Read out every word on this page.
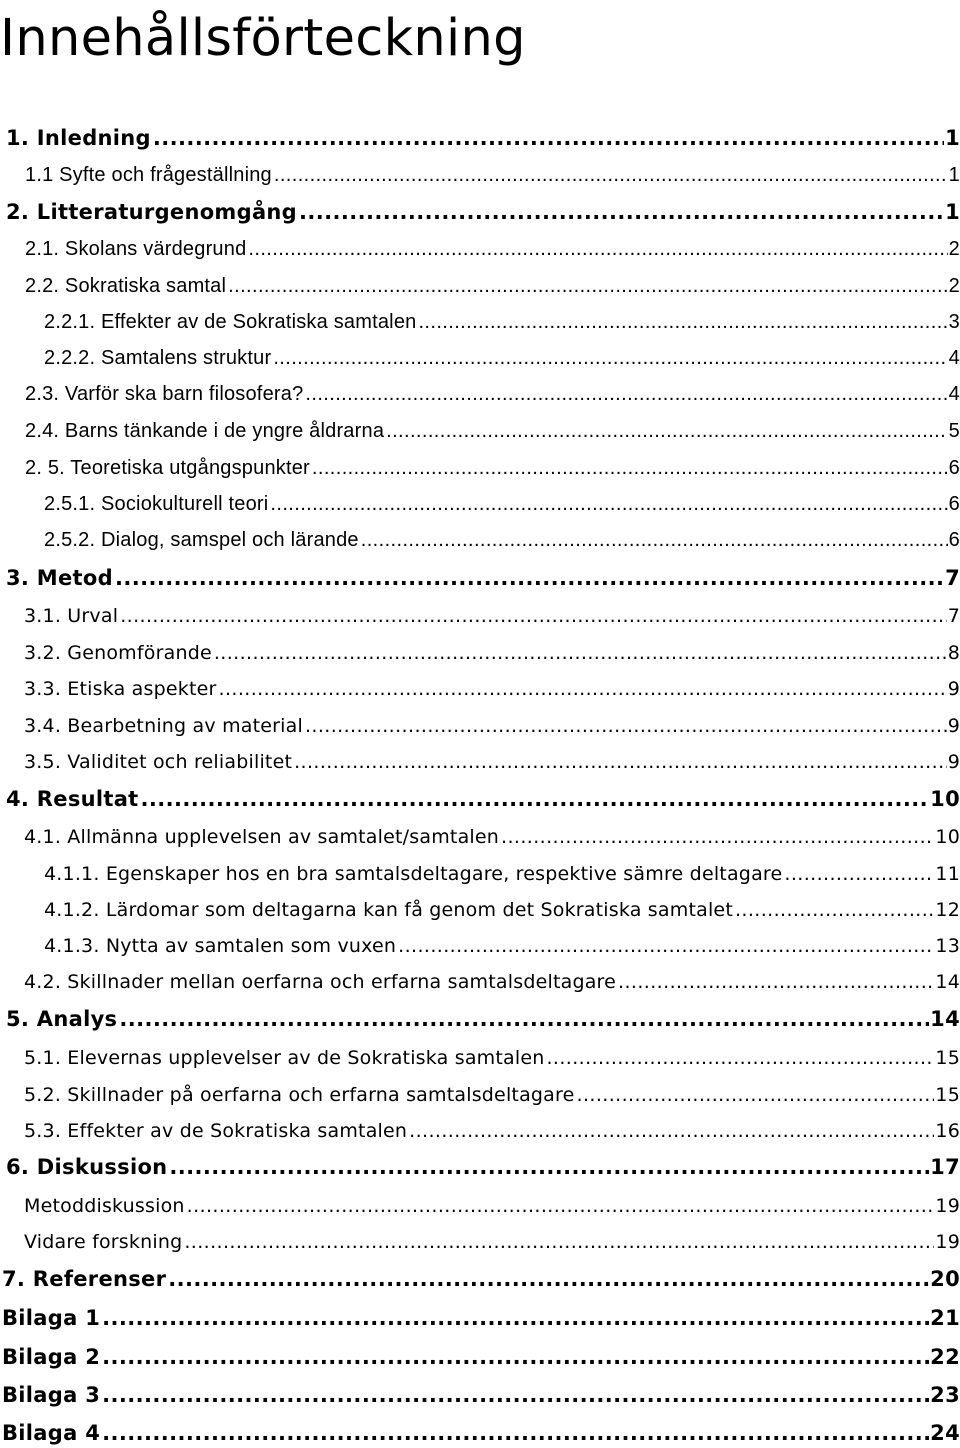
Innehållsförteckning
1. Inledning .....	1
1.1 Syfte och frågeställning .....	1
2. Litteraturgenomgång .....	1
2.1. Skolans värdegrund .....	2
2.2. Sokratiska samtal .....	2
2.2.1. Effekter av de Sokratiska samtalen .....	3
2.2.2. Samtalens struktur .....	4
2.3. Varför ska barn filosofera? .....	4
2.4. Barns tänkande i de yngre åldrarna .....	5
2. 5. Teoretiska utgångspunkter .....	6
2.5.1. Sociokulturell teori .....	6
2.5.2. Dialog, samspel och lärande .....	6
3. Metod .....	7
3.1. Urval .....	7
3.2. Genomförande .....	8
3.3. Etiska aspekter .....	9
3.4. Bearbetning av material .....	9
3.5. Validitet och reliabilitet .....	9
4. Resultat .....	10
4.1. Allmänna upplevelsen av samtalet/samtalen .....	10
4.1.1. Egenskaper hos en bra samtalsdeltagare, respektive sämre deltagare .....	11
4.1.2. Lärdomar som deltagarna kan få genom det Sokratiska samtalet .....	12
4.1.3. Nytta av samtalen som vuxen .....	13
4.2. Skillnader mellan oerfarna och erfarna samtalsdeltagare .....	14
5. Analys .....	14
5.1. Elevernas upplevelser av de Sokratiska samtalen .....	15
5.2. Skillnader på oerfarna och erfarna samtalsdeltagare .....	15
5.3. Effekter av de Sokratiska samtalen .....	16
6. Diskussion .....	17
Metoddiskussion .....	19
Vidare forskning .....	19
7. Referenser .....	20
Bilaga 1 .....	21
Bilaga 2 .....	22
Bilaga 3 .....	23
Bilaga 4 .....	24
